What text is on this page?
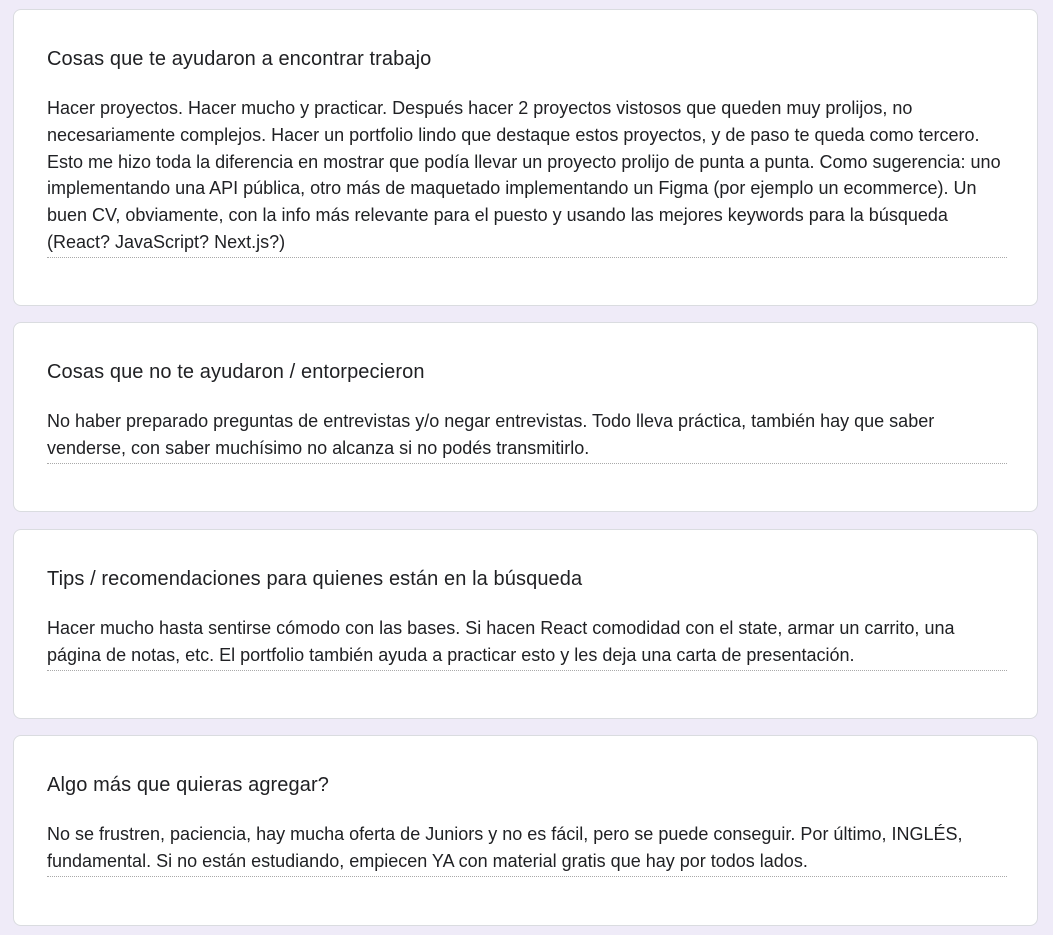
Cosas que te ayudaron a encontrar trabajo
Hacer proyectos. Hacer mucho y practicar. Después hacer 2 proyectos vistosos que queden muy prolijos, no necesariamente complejos. Hacer un portfolio lindo que destaque estos proyectos, y de paso te queda como tercero. Esto me hizo toda la diferencia en mostrar que podía llevar un proyecto prolijo de punta a punta. Como sugerencia: uno implementando una API pública, otro más de maquetado implementando un Figma (por ejemplo un ecommerce). Un buen CV, obviamente, con la info más relevante para el puesto y usando las mejores keywords para la búsqueda (React? JavaScript? Next.js?)
Cosas que no te ayudaron / entorpecieron
No haber preparado preguntas de entrevistas y/o negar entrevistas. Todo lleva práctica, también hay que saber venderse, con saber muchísimo no alcanza si no podés transmitirlo.
Tips / recomendaciones para quienes están en la búsqueda
Hacer mucho hasta sentirse cómodo con las bases. Si hacen React comodidad con el state, armar un carrito, una página de notas, etc. El portfolio también ayuda a practicar esto y les deja una carta de presentación.
Algo más que quieras agregar?
No se frustren, paciencia, hay mucha oferta de Juniors y no es fácil, pero se puede conseguir. Por último, INGLÉS, fundamental. Si no están estudiando, empiecen YA con material gratis que hay por todos lados.
